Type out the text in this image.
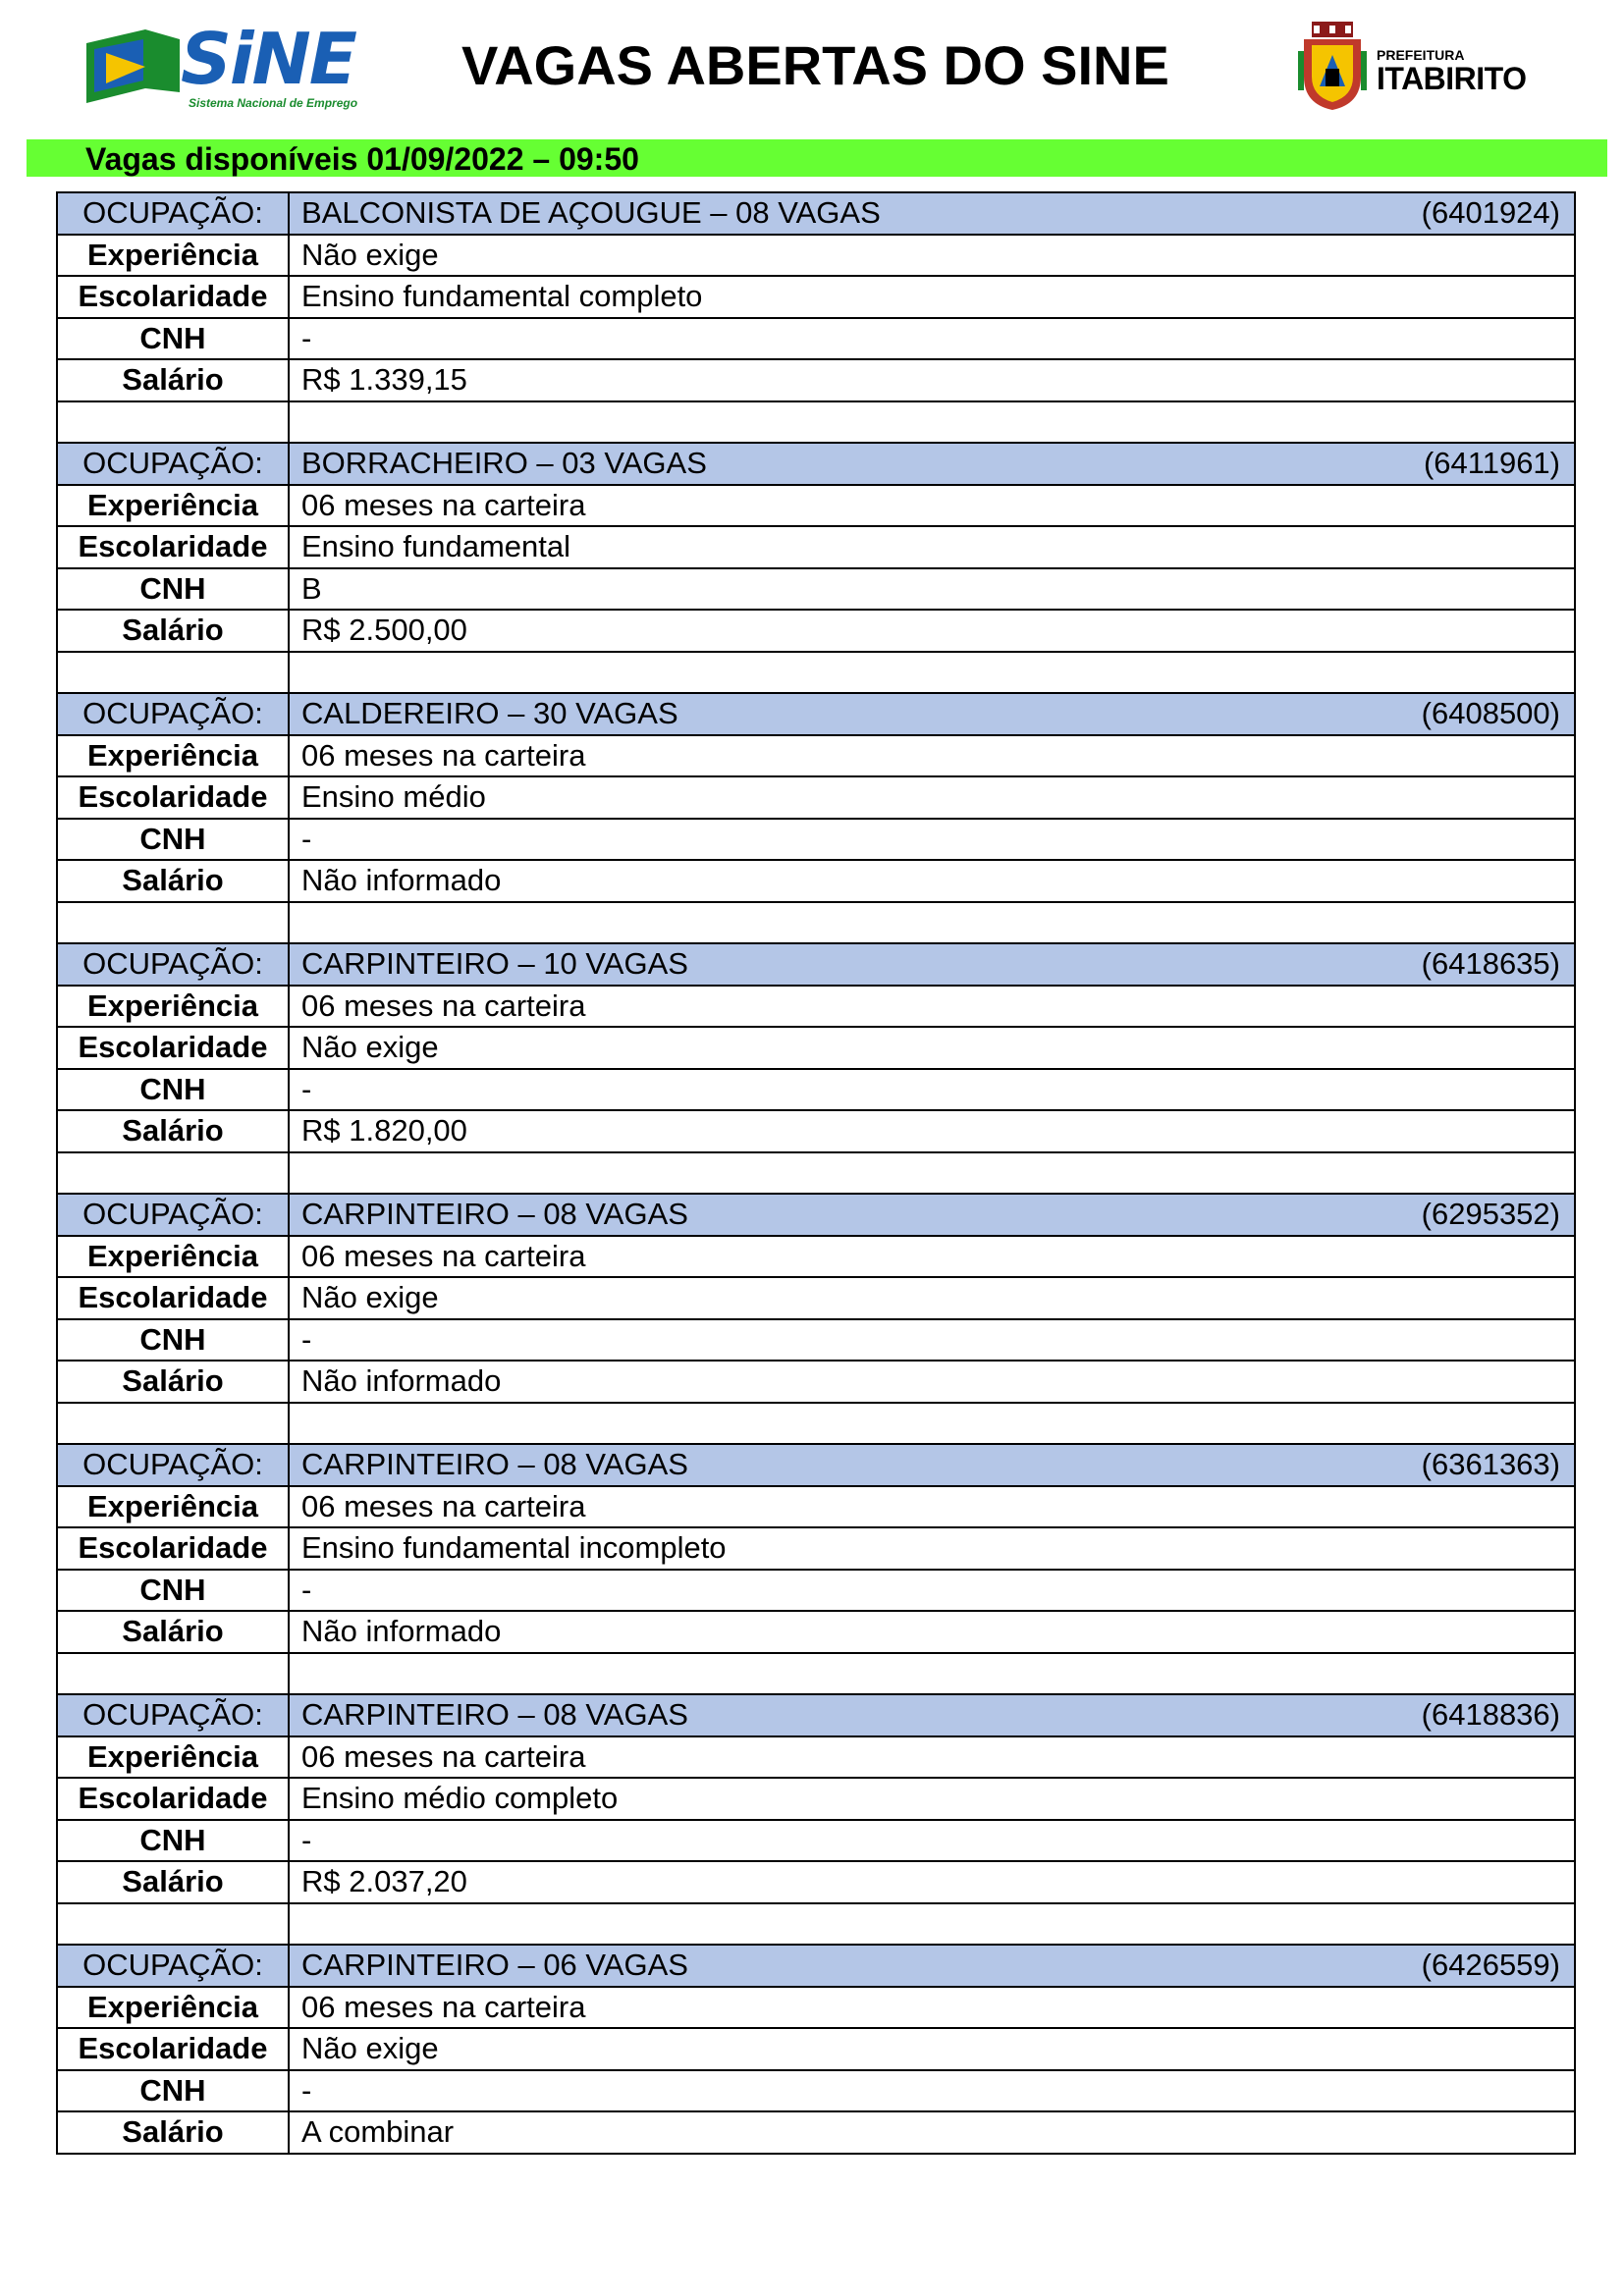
SiNE
Sistema Nacional de Emprego
VAGAS ABERTAS DO SINE	PREFEITURA
ITABIRITO
Vagas disponíveis 01/09/2022 – 09:50
OCUPAÇÃO:	BALCONISTA DE AÇOUGUE – 08 VAGAS (6401924)

Experiência	Não exige
Escolaridade	Ensino fundamental completo
CNH	-
Salário	R$ 1.339,15

OCUPAÇÃO:	BORRACHEIRO – 03 VAGAS (6411961)

Experiência	06 meses na carteira
Escolaridade	Ensino fundamental
CNH	B
Salário	R$ 2.500,00

OCUPAÇÃO:	CALDEREIRO – 30 VAGAS (6408500)

Experiência	06 meses na carteira
Escolaridade	Ensino médio
CNH	-
Salário	Não informado

OCUPAÇÃO:	CARPINTEIRO – 10 VAGAS (6418635)

Experiência	06 meses na carteira
Escolaridade	Não exige
CNH	-
Salário	R$ 1.820,00

OCUPAÇÃO:	CARPINTEIRO – 08 VAGAS (6295352)

Experiência	06 meses na carteira
Escolaridade	Não exige
CNH	-
Salário	Não informado

OCUPAÇÃO:	CARPINTEIRO – 08 VAGAS (6361363)

Experiência	06 meses na carteira
Escolaridade	Ensino fundamental incompleto
CNH	-
Salário	Não informado

OCUPAÇÃO:	CARPINTEIRO – 08 VAGAS (6418836)

Experiência	06 meses na carteira
Escolaridade	Ensino médio completo
CNH	-
Salário	R$ 2.037,20

OCUPAÇÃO:	CARPINTEIRO – 06 VAGAS (6426559)

Experiência	06 meses na carteira
Escolaridade	Não exige
CNH	-
Salário	A combinar
